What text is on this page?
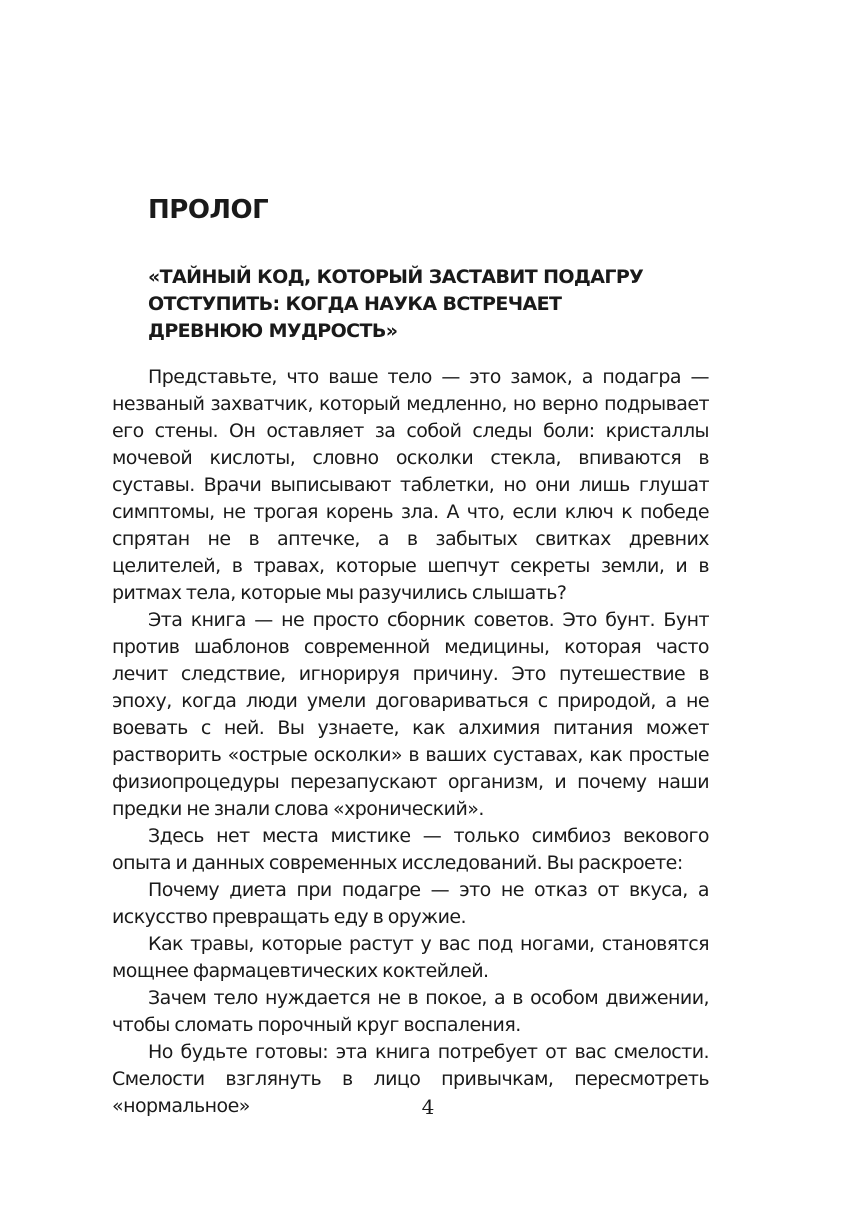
ПРОЛОГ
«ТАЙНЫЙ КОД, КОТОРЫЙ ЗАСТАВИТ ПОДАГРУ
ОТСТУПИТЬ: КОГДА НАУКА ВСТРЕЧАЕТ
ДРЕВНЮЮ МУДРОСТЬ»

Представьте, что ваше тело — это замок, а подагра — незваный захватчик, который медленно, но верно подрывает его стены. Он оставляет за собой следы боли: кристаллы мочевой кислоты, словно осколки стекла, впиваются в суставы. Врачи выписывают таблетки, но они лишь глушат симптомы, не трогая корень зла. А что, если ключ к победе спрятан не в аптечке, а в забытых свитках древних целителей, в травах, которые шепчут секреты земли, и в ритмах тела, которые мы разучились слышать?

Эта книга — не просто сборник советов. Это бунт. Бунт против шаблонов современной медицины, которая часто лечит следствие, игнорируя причину. Это путешествие в эпоху, когда люди умели договариваться с природой, а не воевать с ней. Вы узнаете, как алхимия питания может растворить «острые осколки» в ваших суставах, как простые физиопроцедуры перезапускают организм, и почему наши предки не знали слова «хронический».

Здесь нет места мистике — только симбиоз векового опыта и данных современных исследований. Вы раскроете:

Почему диета при подагре — это не отказ от вкуса, а искусство превращать еду в оружие.

Как травы, которые растут у вас под ногами, становятся мощнее фармацевтических коктейлей.

Зачем тело нуждается не в покое, а в особом движении, чтобы сломать порочный круг воспаления.

Но будьте готовы: эта книга потребует от вас смелости. Смелости взглянуть в лицо привычкам, пересмотреть «нормальное»	4
